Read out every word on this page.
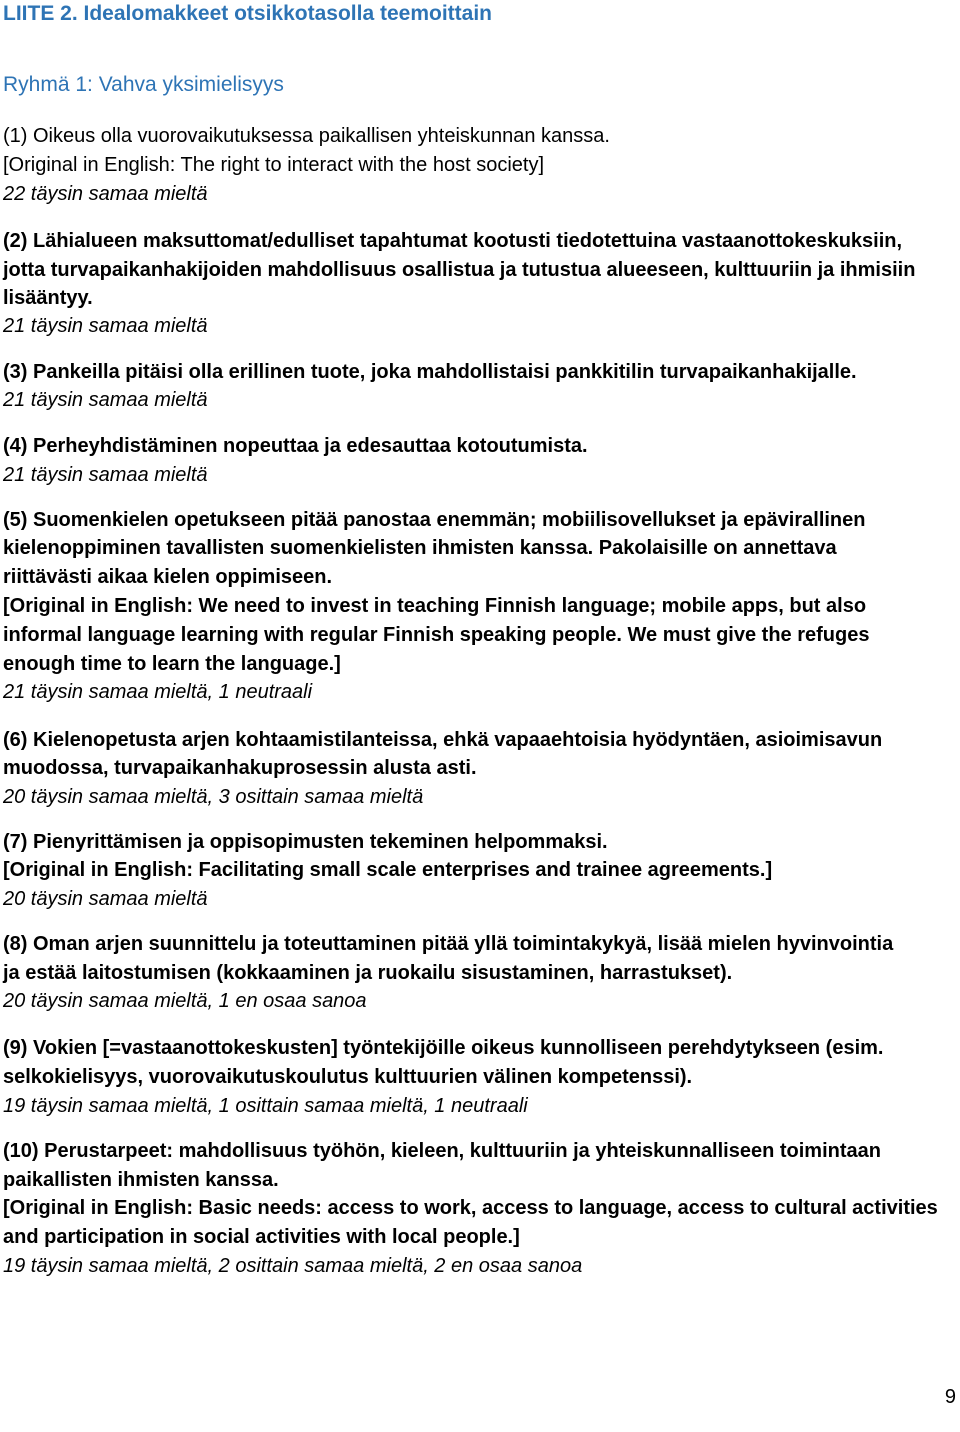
LIITE 2. Idealomakkeet otsikkotasolla teemoittain
Ryhmä 1: Vahva yksimielisyys
(1) Oikeus olla vuorovaikutuksessa paikallisen yhteiskunnan kanssa.
[Original in English: The right to interact with the host society]
22 täysin samaa mieltä
(2) Lähialueen maksuttomat/edulliset tapahtumat kootusti tiedotettuina vastaanottokeskuksiin,
jotta turvapaikanhakijoiden mahdollisuus osallistua ja tutustua alueeseen, kulttuuriin ja ihmisiin
lisääntyy.
21 täysin samaa mieltä
(3) Pankeilla pitäisi olla erillinen tuote, joka mahdollistaisi pankkitilin turvapaikanhakijalle.
21 täysin samaa mieltä
(4) Perheyhdistäminen nopeuttaa ja edesauttaa kotoutumista.
21 täysin samaa mieltä
(5) Suomenkielen opetukseen pitää panostaa enemmän; mobiilisovellukset ja epävirallinen
kielenoppiminen tavallisten suomenkielisten ihmisten kanssa. Pakolaisille on annettava
riittävästi aikaa kielen oppimiseen.
[Original in English: We need to invest in teaching Finnish language; mobile apps, but also
informal language learning with regular Finnish speaking people. We must give the refuges
enough time to learn the language.]
21 täysin samaa mieltä, 1 neutraali
(6) Kielenopetusta arjen kohtaamistilanteissa, ehkä vapaaehtoisia hyödyntäen, asioimisavun
muodossa, turvapaikanhakuprosessin alusta asti.
20 täysin samaa mieltä, 3 osittain samaa mieltä
(7) Pienyrittämisen ja oppisopimusten tekeminen helpommaksi.
[Original in English: Facilitating small scale enterprises and trainee agreements.]
20 täysin samaa mieltä
(8) Oman arjen suunnittelu ja toteuttaminen pitää yllä toimintakykyä, lisää mielen hyvinvointia
ja estää laitostumisen (kokkaaminen ja ruokailu sisustaminen, harrastukset).
20 täysin samaa mieltä, 1 en osaa sanoa
(9) Vokien [=vastaanottokeskusten] työntekijöille oikeus kunnolliseen perehdytykseen (esim.
selkokielisyys, vuorovaikutuskoulutus kulttuurien välinen kompetenssi).
19 täysin samaa mieltä, 1 osittain samaa mieltä, 1 neutraali
(10) Perustarpeet: mahdollisuus työhön, kieleen, kulttuuriin ja yhteiskunnalliseen toimintaan
paikallisten ihmisten kanssa.
[Original in English: Basic needs: access to work, access to language, access to cultural activities
and participation in social activities with local people.]
19 täysin samaa mieltä, 2 osittain samaa mieltä, 2 en osaa sanoa
9
